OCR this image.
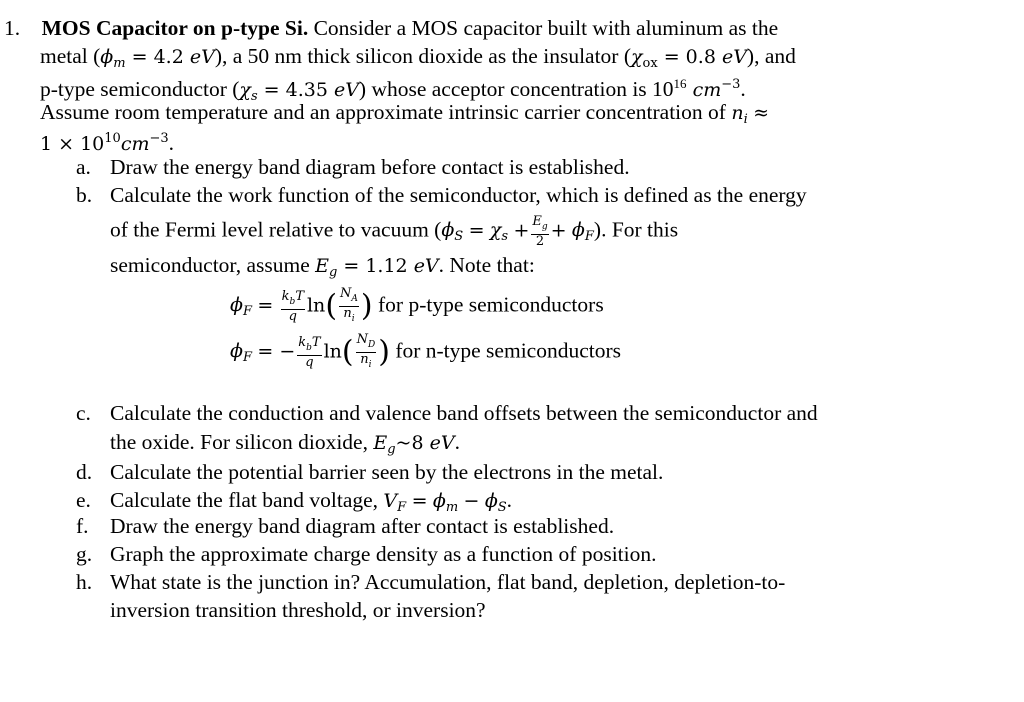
1. MOS Capacitor on p-type Si. Consider a MOS capacitor built with aluminum as the
metal ($\phi_m = 4.2$ eV), a 50 nm thick silicon dioxide as the insulator ($\chi_{ox} = 0.8$ eV), and
p-type semiconductor ($\chi_s = 4.35$ eV) whose acceptor concentration is $10^{16}$ $cm^{-3}$.
Assume room temperature and an approximate intrinsic carrier concentration of $n_i$ ≈
$1 \times 10^{10}cm^{-3}$.
a. Draw the energy band diagram before contact is established.
b. Calculate the work function of the semiconductor, which is defined as the energy
of the Fermi level relative to vacuum $(\phi_S = \chi_s + \frac{E_g}{2} + \phi_F)$. For this
semiconductor, assume $E_g = 1.12$ eV. Note that:
$\phi_F = \frac{k_bT}{q} \ln( \frac{N_A}{n_i}$ ) for p-type semiconductors
$\phi_F$ = − $\frac{k_bT}{q} \ln( \frac{N_D}{n_i}$ ) for n-type semiconductors
c. Calculate the conduction and valence band offsets between the semiconductor and
the oxide. For silicon dioxide, $E_g\sim 8$ eV.
d. Calculate the potential barrier seen by the electrons in the metal.
e. Calculate the flat band voltage, $V_F = \phi_m - \phi_S$.
f. Draw the energy band diagram after contact is established.
g. Graph the approximate charge density as a function of position.
h. What state is the junction in? Accumulation, flat band, depletion, depletion-to-
inversion transition threshold, or inversion?
